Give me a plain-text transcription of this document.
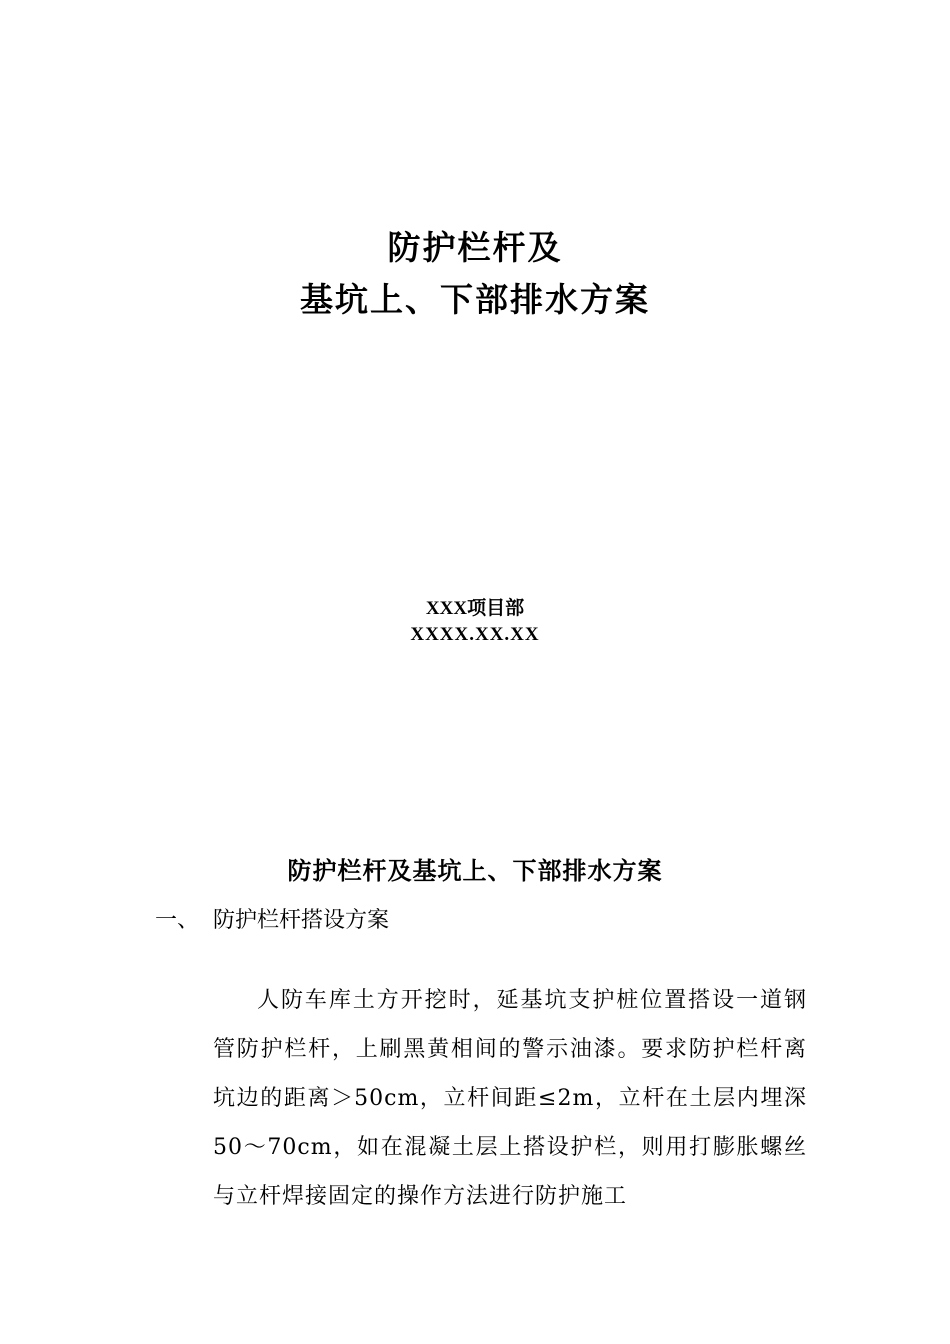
防护栏杆及
基坑上、下部排水方案
XXX项目部
XXXX.XX.XX
防护栏杆及基坑上、下部排水方案
一、 防护栏杆搭设方案

人防车库土方开挖时，延基坑支护桩位置搭设一道钢管防护栏杆，上刷黑黄相间的警示油漆。要求防护栏杆离坑边的距离＞50cm，立杆间距≤2m，立杆在土层内埋深50～70cm，如在混凝土层上搭设护栏，则用打膨胀螺丝与立杆焊接固定的操作方法进行防护施工
